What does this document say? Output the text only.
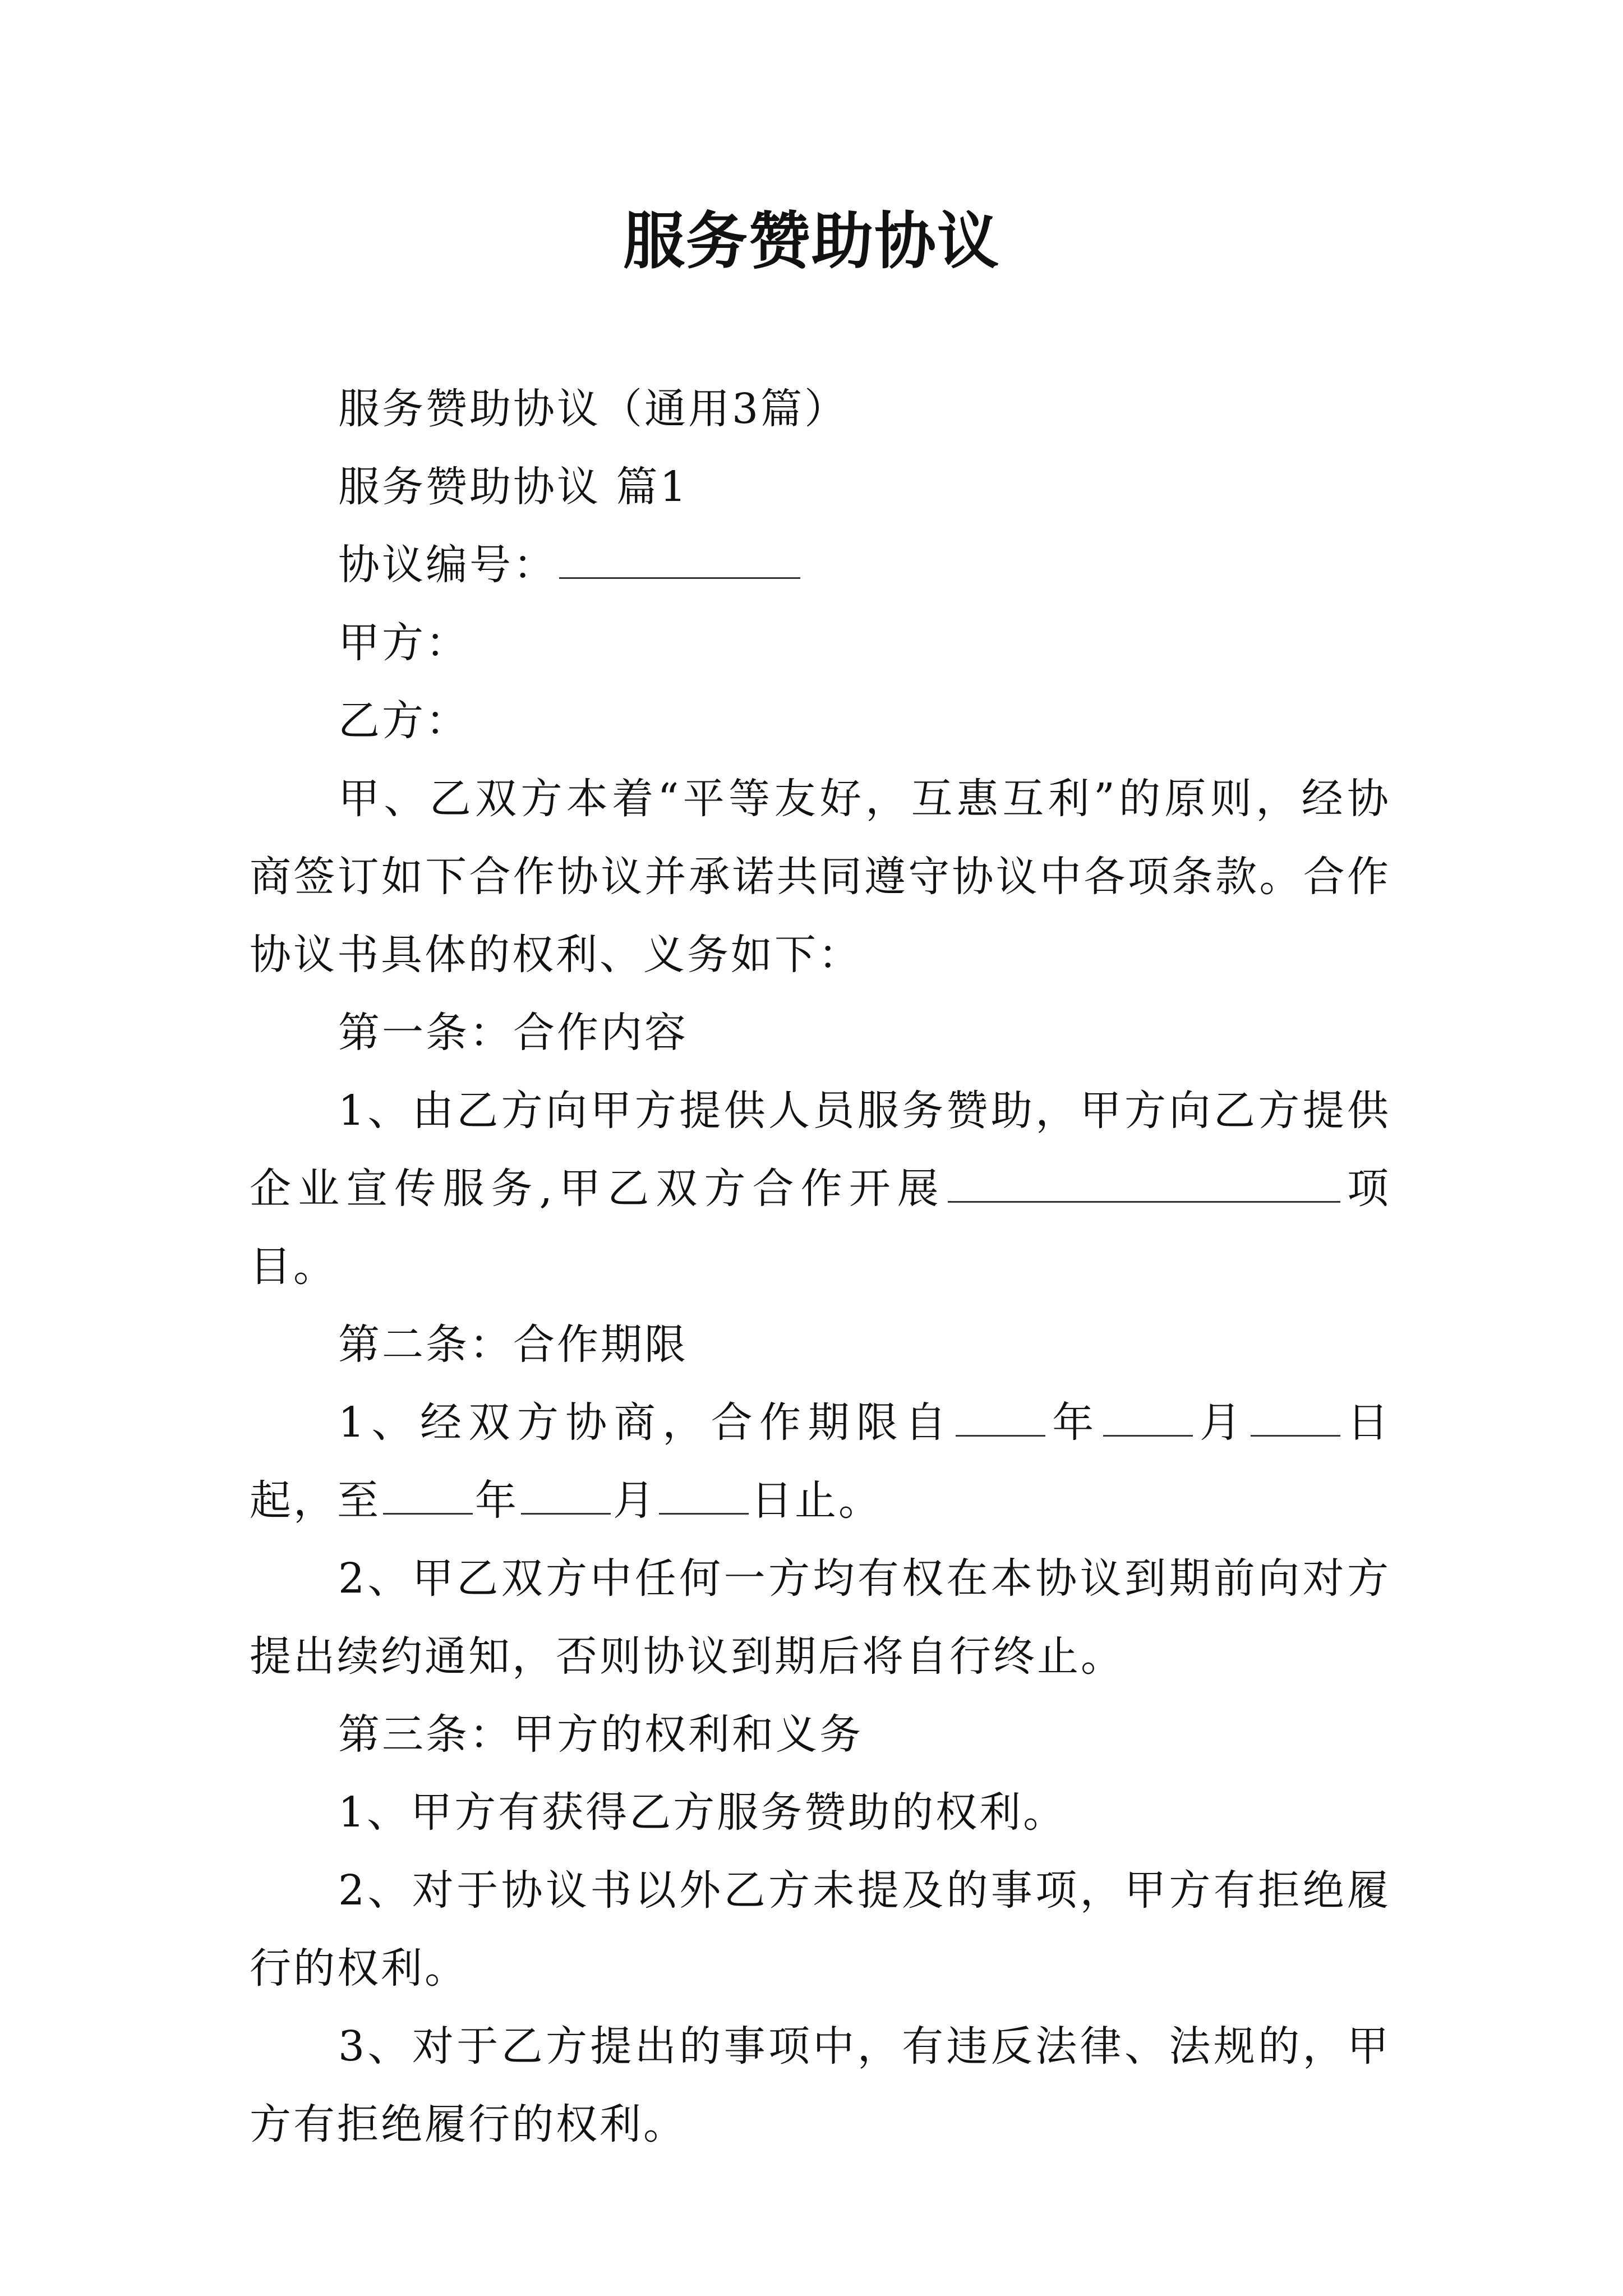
服务赞助协议

服务赞助协议（通用3篇）

服务赞助协议 篇1

协议编号：

甲方：

乙方：

甲、乙双方本着“平等友好，互惠互利”的原则，经协商签订如下合作协议并承诺共同遵守协议中各项条款。合作协议书具体的权利、义务如下：

第一条：合作内容

1、由乙方向甲方提供人员服务赞助，甲方向乙方提供企业宣传服务,甲乙双方合作开展	项目。

第二条：合作期限

1、经双方协商，合作期限自 年 月 日起，至 年 月 日止。

2、甲乙双方中任何一方均有权在本协议到期前向对方提出续约通知，否则协议到期后将自行终止。

第三条：甲方的权利和义务

1、甲方有获得乙方服务赞助的权利。

2、对于协议书以外乙方未提及的事项，甲方有拒绝履行的权利。

3、对于乙方提出的事项中，有违反法律、法规的，甲方有拒绝履行的权利。
